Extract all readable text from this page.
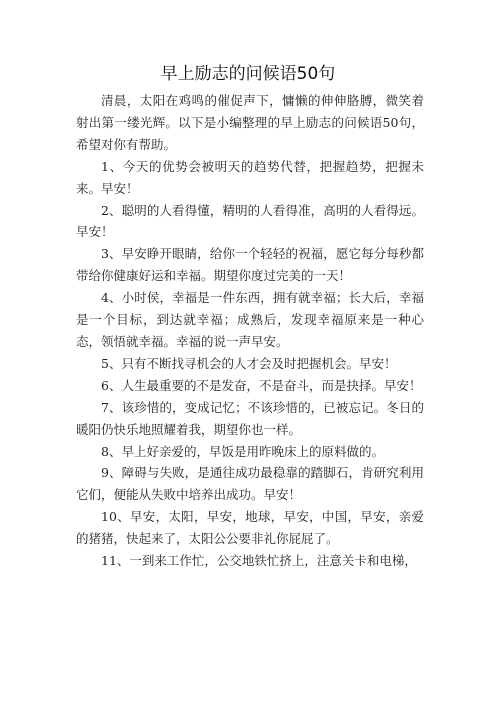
早上励志的问候语50句

清晨，太阳在鸡鸣的催促声下，慵懒的伸伸胳膊，微笑着射出第一缕光辉。以下是小编整理的早上励志的问候语50句，希望对你有帮助。

1、今天的优势会被明天的趋势代替，把握趋势，把握未来。早安！

2、聪明的人看得懂，精明的人看得准，高明的人看得远。早安！

3、早安睁开眼睛，给你一个轻轻的祝福，愿它每分每秒都带给你健康好运和幸福。期望你度过完美的一天！

4、小时侯，幸福是一件东西，拥有就幸福；长大后，幸福是一个目标，到达就幸福；成熟后，发现幸福原来是一种心态，领悟就幸福。幸福的说一声早安。

5、只有不断找寻机会的人才会及时把握机会。早安！

6、人生最重要的不是发奋，不是奋斗，而是抉择。早安！

7、该珍惜的，变成记忆；不该珍惜的，已被忘记。冬日的暖阳仍快乐地照耀着我，期望你也一样。

8、早上好亲爱的，早饭是用昨晚床上的原料做的。

9、障碍与失败，是通往成功最稳靠的踏脚石，肯研究利用它们，便能从失败中培养出成功。早安！

10、早安，太阳，早安，地球，早安，中国，早安，亲爱的猪猪，快起来了，太阳公公要非礼你屁屁了。

11、一到来工作忙，公交地铁忙挤上，注意关卡和电梯，
